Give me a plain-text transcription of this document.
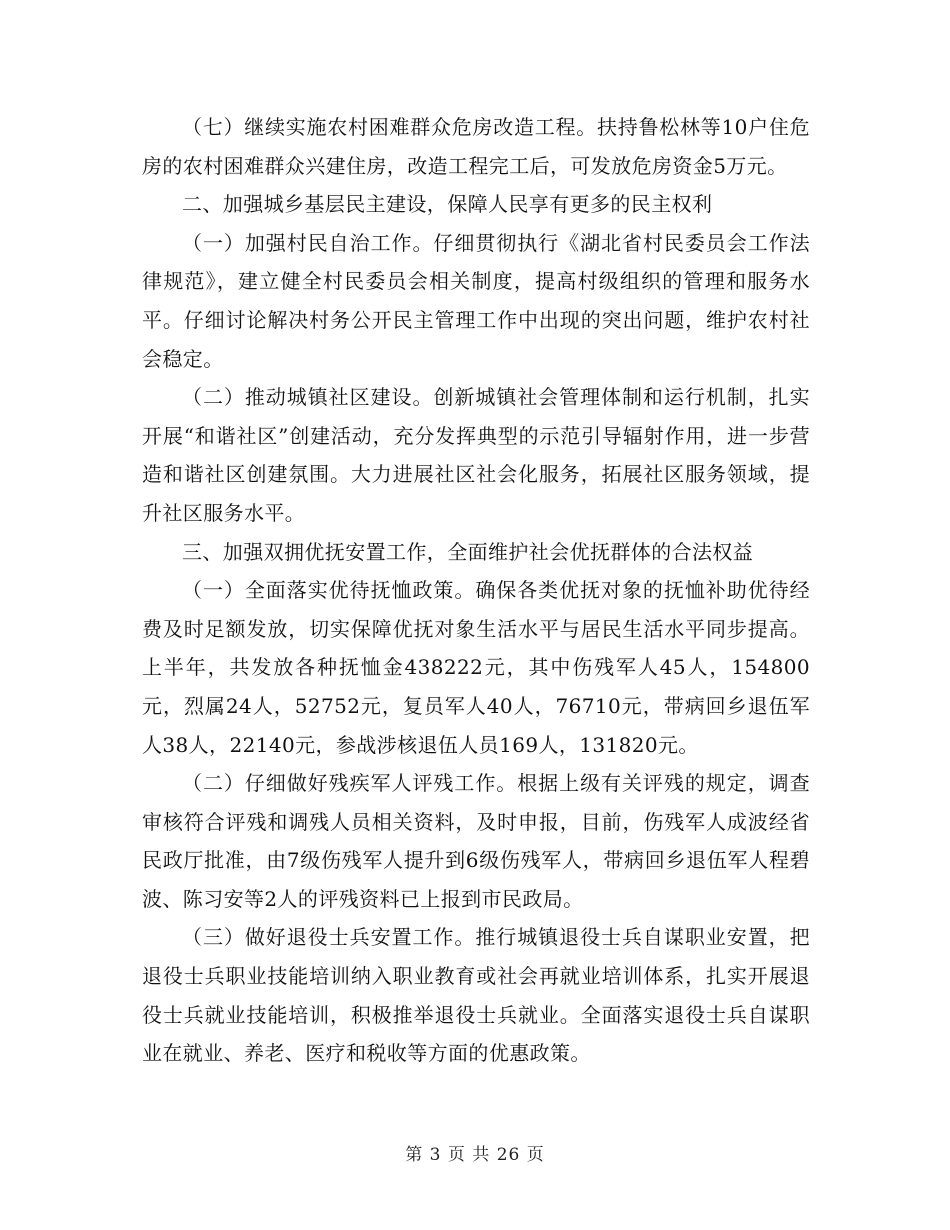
（七）继续实施农村困难群众危房改造工程。扶持鲁松林等10户住危房的农村困难群众兴建住房，改造工程完工后，可发放危房资金5万元。

二、加强城乡基层民主建设，保障人民享有更多的民主权利

（一）加强村民自治工作。仔细贯彻执行《湖北省村民委员会工作法律规范》，建立健全村民委员会相关制度，提高村级组织的管理和服务水平。仔细讨论解决村务公开民主管理工作中出现的突出问题，维护农村社会稳定。

（二）推动城镇社区建设。创新城镇社会管理体制和运行机制，扎实开展“和谐社区”创建活动，充分发挥典型的示范引导辐射作用，进一步营造和谐社区创建氛围。大力进展社区社会化服务，拓展社区服务领域，提升社区服务水平。

三、加强双拥优抚安置工作，全面维护社会优抚群体的合法权益

（一）全面落实优待抚恤政策。确保各类优抚对象的抚恤补助优待经费及时足额发放，切实保障优抚对象生活水平与居民生活水平同步提高。上半年，共发放各种抚恤金438222元，其中伤残军人45人，154800元，烈属24人，52752元，复员军人40人，76710元，带病回乡退伍军人38人，22140元，参战涉核退伍人员169人，131820元。

（二）仔细做好残疾军人评残工作。根据上级有关评残的规定，调查审核符合评残和调残人员相关资料，及时申报，目前，伤残军人成波经省民政厅批准，由7级伤残军人提升到6级伤残军人，带病回乡退伍军人程碧波、陈习安等2人的评残资料已上报到市民政局。

（三）做好退役士兵安置工作。推行城镇退役士兵自谋职业安置，把退役士兵职业技能培训纳入职业教育或社会再就业培训体系，扎实开展退役士兵就业技能培训，积极推举退役士兵就业。全面落实退役士兵自谋职业在就业、养老、医疗和税收等方面的优惠政策。

第 3 页 共 26 页
